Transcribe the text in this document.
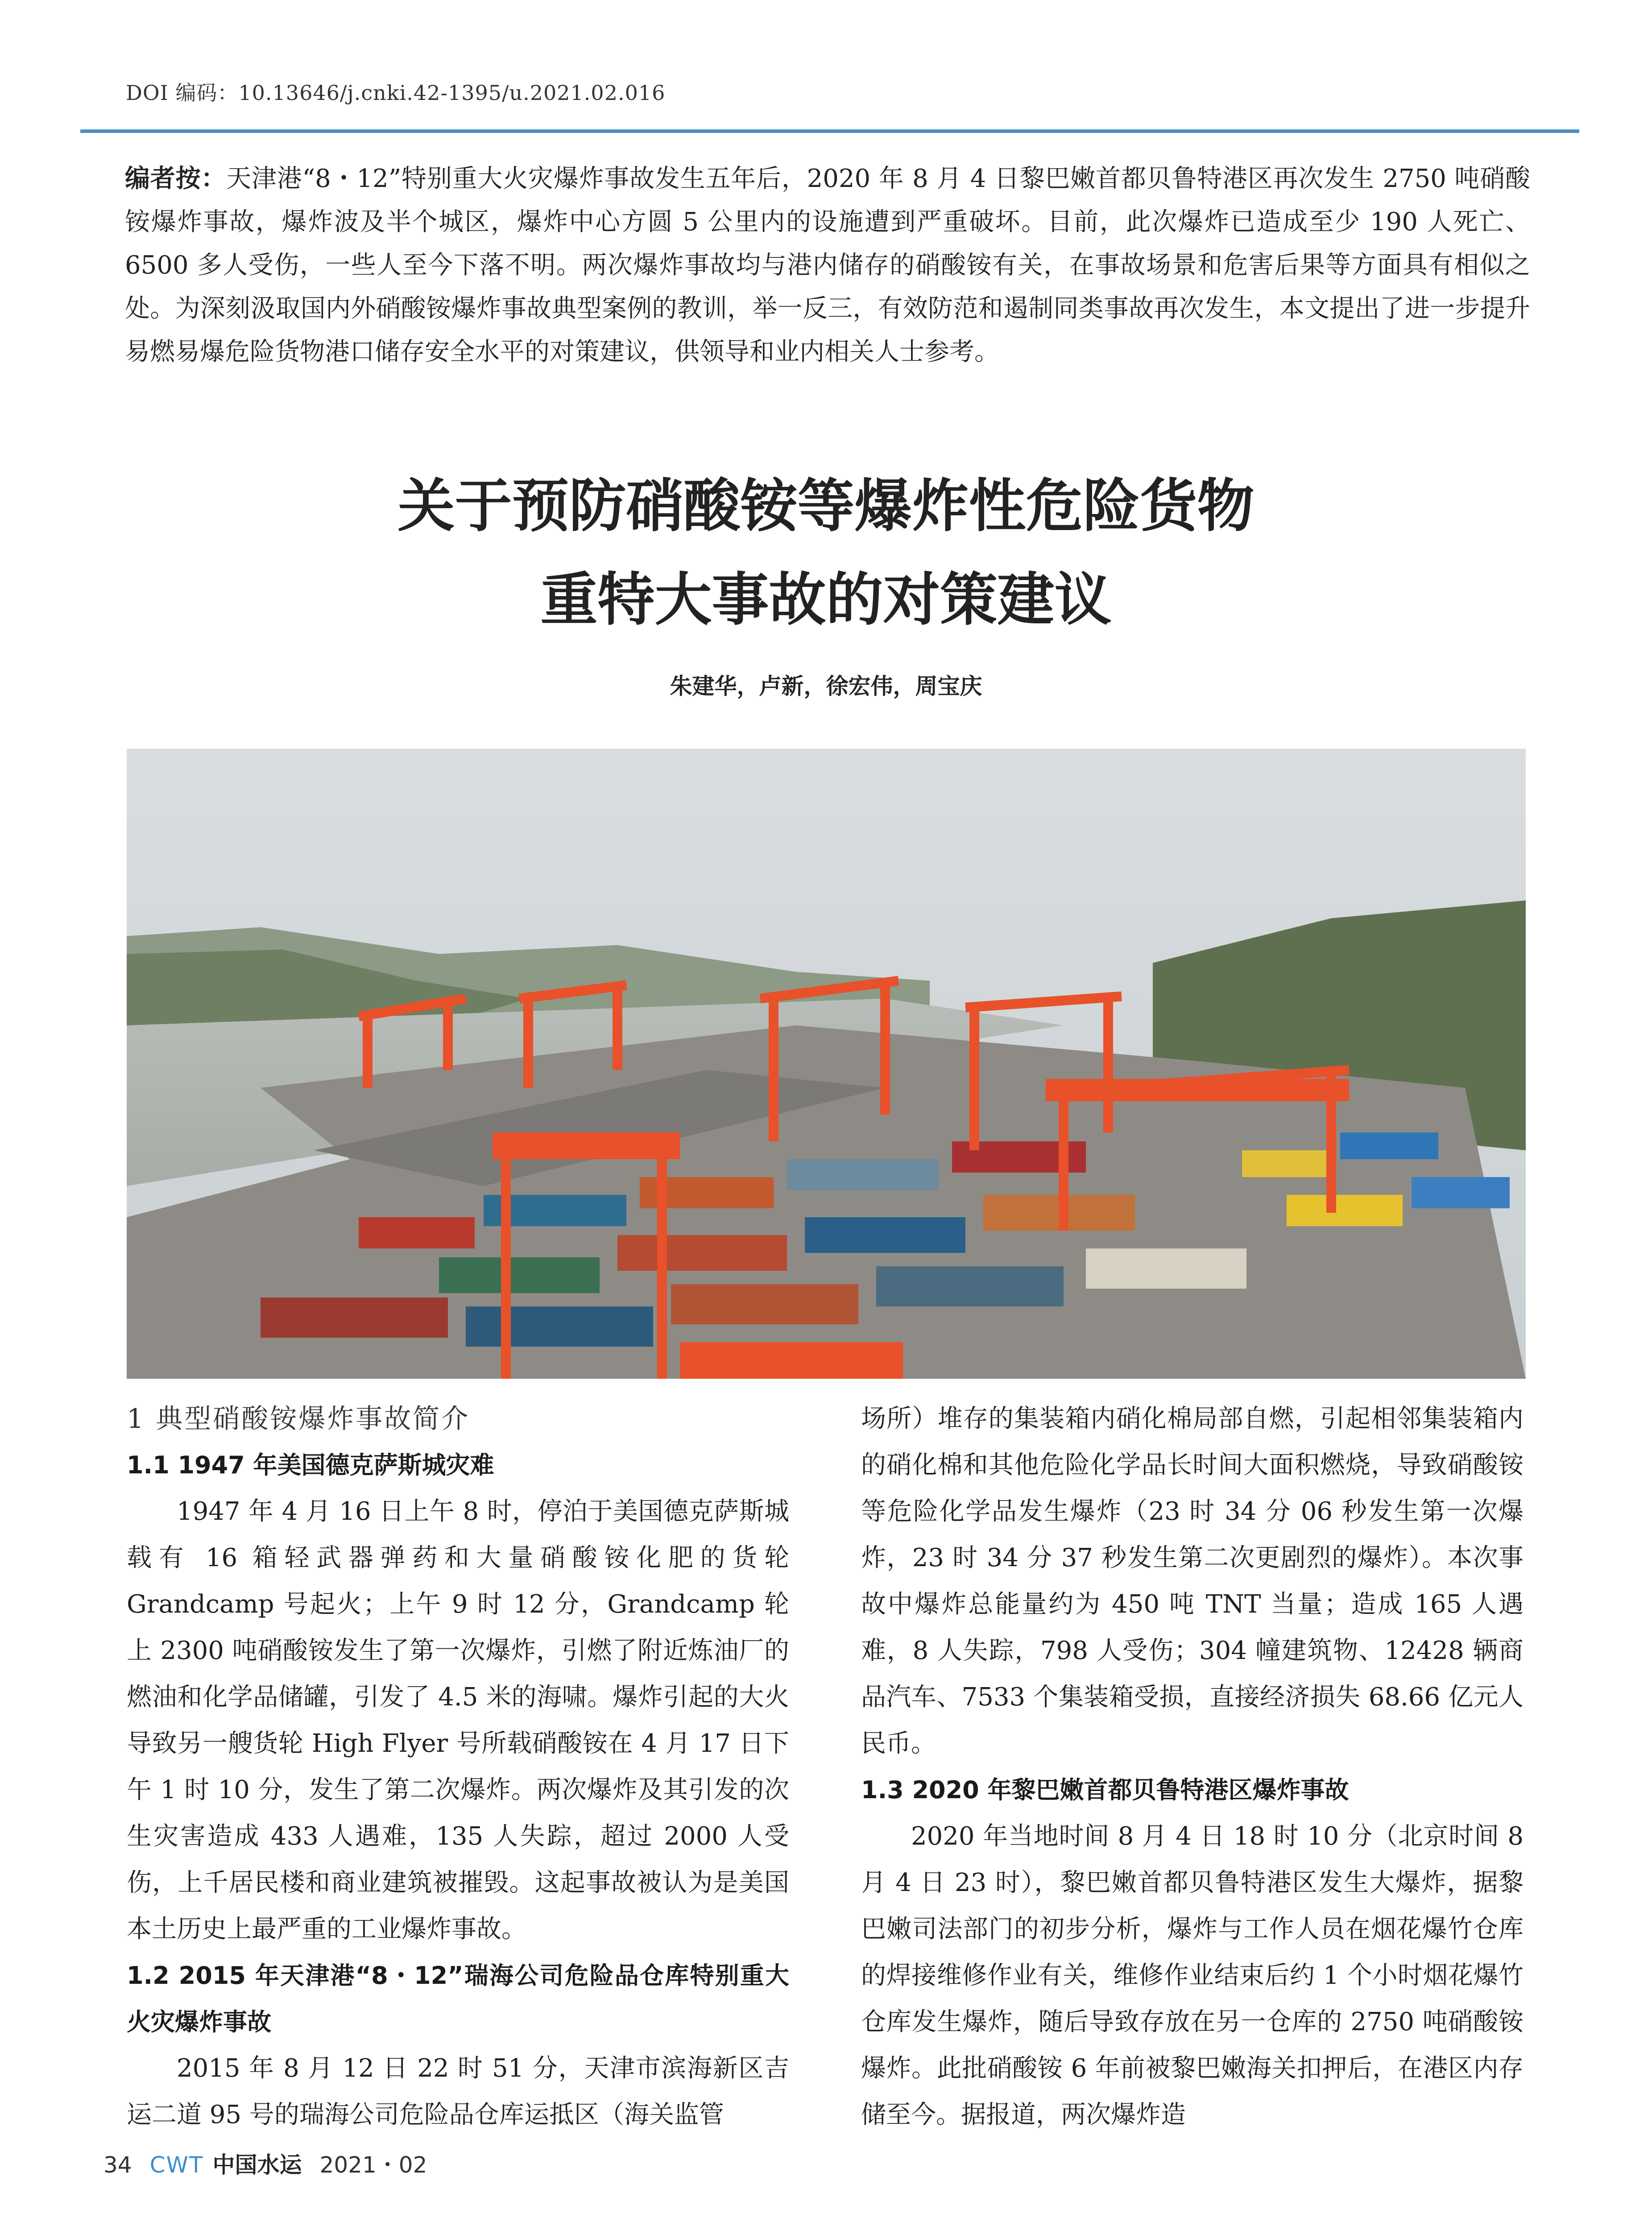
DOI 编码：10.13646/j.cnki.42-1395/u.2021.02.016
编者按：天津港“8・12”特别重大火灾爆炸事故发生五年后，2020 年 8 月 4 日黎巴嫩首都贝鲁特港区再次发生 2750 吨硝酸铵爆炸事故，爆炸波及半个城区，爆炸中心方圆 5 公里内的设施遭到严重破坏。目前，此次爆炸已造成至少 190 人死亡、6500 多人受伤，一些人至今下落不明。两次爆炸事故均与港内储存的硝酸铵有关，在事故场景和危害后果等方面具有相似之处。为深刻汲取国内外硝酸铵爆炸事故典型案例的教训，举一反三，有效防范和遏制同类事故再次发生，本文提出了进一步提升易燃易爆危险货物港口储存安全水平的对策建议，供领导和业内相关人士参考。
关于预防硝酸铵等爆炸性危险货物
重特大事故的对策建议
朱建华，卢新，徐宏伟，周宝庆
1 典型硝酸铵爆炸事故简介
1.1 1947 年美国德克萨斯城灾难

1947 年 4 月 16 日上午 8 时，停泊于美国德克萨斯城载有 16 箱轻武器弹药和大量硝酸铵化肥的货轮 Grandcamp 号起火；上午 9 时 12 分，Grandcamp 轮上 2300 吨硝酸铵发生了第一次爆炸，引燃了附近炼油厂的燃油和化学品储罐，引发了 4.5 米的海啸。爆炸引起的大火导致另一艘货轮 High Flyer 号所载硝酸铵在 4 月 17 日下午 1 时 10 分，发生了第二次爆炸。两次爆炸及其引发的次生灾害造成 433 人遇难，135 人失踪，超过 2000 人受伤，上千居民楼和商业建筑被摧毁。这起事故被认为是美国本土历史上最严重的工业爆炸事故。

1.2 2015 年天津港“8・12”瑞海公司危险品仓库特别重大火灾爆炸事故

2015 年 8 月 12 日 22 时 51 分，天津市滨海新区吉运二道 95 号的瑞海公司危险品仓库运抵区（海关监管

场所）堆存的集装箱内硝化棉局部自燃，引起相邻集装箱内的硝化棉和其他危险化学品长时间大面积燃烧，导致硝酸铵等危险化学品发生爆炸（23 时 34 分 06 秒发生第一次爆炸，23 时 34 分 37 秒发生第二次更剧烈的爆炸）。本次事故中爆炸总能量约为 450 吨 TNT 当量；造成 165 人遇难，8 人失踪，798 人受伤；304 幢建筑物、12428 辆商品汽车、7533 个集装箱受损，直接经济损失 68.66 亿元人民币。

1.3 2020 年黎巴嫩首都贝鲁特港区爆炸事故

2020 年当地时间 8 月 4 日 18 时 10 分（北京时间 8 月 4 日 23 时），黎巴嫩首都贝鲁特港区发生大爆炸，据黎巴嫩司法部门的初步分析，爆炸与工作人员在烟花爆竹仓库的焊接维修作业有关，维修作业结束后约 1 个小时烟花爆竹仓库发生爆炸，随后导致存放在另一仓库的 2750 吨硝酸铵爆炸。此批硝酸铵 6 年前被黎巴嫩海关扣押后，在港区内存储至今。据报道，两次爆炸造

34 CWT 中国水运 2021・02
